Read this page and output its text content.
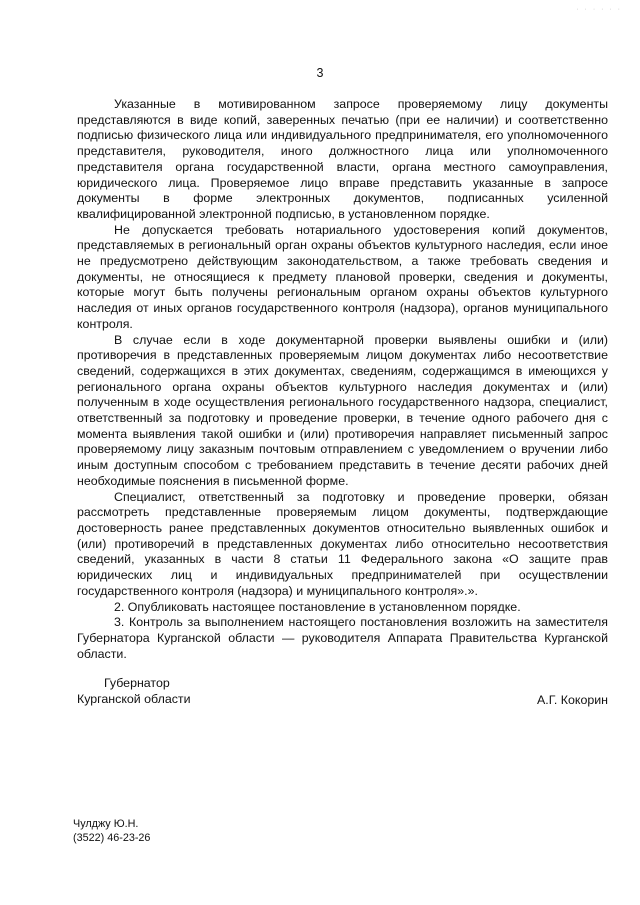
· · · · · ·
3

Указанные в мотивированном запросе проверяемому лицу документы представляются в виде копий, заверенных печатью (при ее наличии) и соответственно подписью физического лица или индивидуального предпринимателя, его уполномоченного представителя, руководителя, иного должностного лица или уполномоченного представителя органа государственной власти, органа местного самоуправления, юридического лица. Проверяемое лицо вправе представить указанные в запросе документы в форме электронных документов, подписанных усиленной квалифицированной электронной подписью, в установленном порядке.

Не допускается требовать нотариального удостоверения копий документов, представляемых в региональный орган охраны объектов культурного наследия, если иное не предусмотрено действующим законодательством, а также требовать сведения и документы, не относящиеся к предмету плановой проверки, сведения и документы, которые могут быть получены региональным органом охраны объектов культурного наследия от иных органов государственного контроля (надзора), органов муниципального контроля.

В случае если в ходе документарной проверки выявлены ошибки и (или) противоречия в представленных проверяемым лицом документах либо несоответствие сведений, содержащихся в этих документах, сведениям, содержащимся в имеющихся у регионального органа охраны объектов культурного наследия документах и (или) полученным в ходе осуществления регионального государственного надзора, специалист, ответственный за подготовку и проведение проверки, в течение одного рабочего дня с момента выявления такой ошибки и (или) противоречия направляет письменный запрос проверяемому лицу заказным почтовым отправлением с уведомлением о вручении либо иным доступным способом с требованием представить в течение десяти рабочих дней необходимые пояснения в письменной форме.

Специалист, ответственный за подготовку и проведение проверки, обязан рассмотреть представленные проверяемым лицом документы, подтверждающие достоверность ранее представленных документов относительно выявленных ошибок и (или) противоречий в представленных документах либо относительно несоответствия сведений, указанных в части 8 статьи 11 Федерального закона «О защите прав юридических лиц и индивидуальных предпринимателей при осуществлении государственного контроля (надзора) и муниципального контроля».».

2. Опубликовать настоящее постановление в установленном порядке.

3. Контроль за выполнением настоящего постановления возложить на заместителя Губернатора Курганской области — руководителя Аппарата Правительства Курганской области.

Губернатор
Курганской области	А.Г. Кокорин
Чулджу Ю.Н.
(3522) 46-23-26
